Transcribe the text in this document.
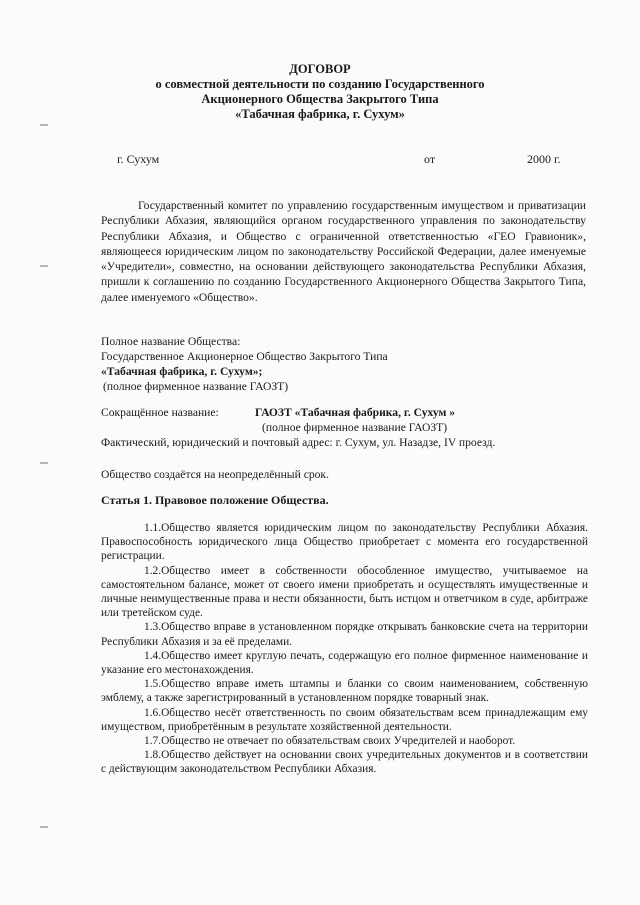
ДОГОВОР
о совместной деятельности по созданию Государственного
Акционерного Общества Закрытого Типа
«Табачная фабрика, г. Сухум»
г. Сухум	от	2000 г.
Государственный комитет по управлению государственным имуществом и приватизации Республики Абхазия, являющийся органом государственного управления по законодательству Республики Абхазия, и Общество с ограниченной ответственностью «ГЕО Гравионик», являющееся юридическим лицом по законодательству Российской Федерации, далее именуемые «Учредители», совместно, на основании действующего законодательства Республики Абхазия, пришли к соглашению по созданию Государственного Акционерного Общества Закрытого Типа, далее именуемого «Общество».
Полное название Общества:
Государственное Акционерное Общество Закрытого Типа
«Табачная фабрика, г. Сухум»;
(полное фирменное название ГАОЗТ)
Сокращённое название:	ГАОЗТ «Табачная фабрика, г. Сухум »
(полное фирменное название ГАОЗТ)
Фактический, юридический и почтовый адрес: г. Сухум, ул. Назадзе, IV проезд.
Общество создаётся на неопределённый срок.
Статья 1. Правовое положение Общества.

1.1.Общество является юридическим лицом по законодательству Республики Абхазия. Правоспособность юридического лица Общество приобретает с момента его государственной регистрации.

1.2.Общество имеет в собственности обособленное имущество, учитываемое на самостоятельном балансе, может от своего имени приобретать и осуществлять имущественные и личные неимущественные права и нести обязанности, быть истцом и ответчиком в суде, арбитраже или третейском суде.

1.3.Общество вправе в установленном порядке открывать банковские счета на территории Республики Абхазия и за её пределами.

1.4.Общество имеет круглую печать, содержащую его полное фирменное наименование и указание его местонахождения.

1.5.Общество вправе иметь штампы и бланки со своим наименованием, собственную эмблему, а также зарегистрированный в установленном порядке товарный знак.

1.6.Общество несёт ответственность по своим обязательствам всем принадлежащим ему имуществом, приобретённым в результате хозяйственной деятельности.

1.7.Общество не отвечает по обязательствам своих Учредителей и наоборот.

1.8.Общество действует на основании своих учредительных документов и в соответствии с действующим законодательством Республики Абхазия.
